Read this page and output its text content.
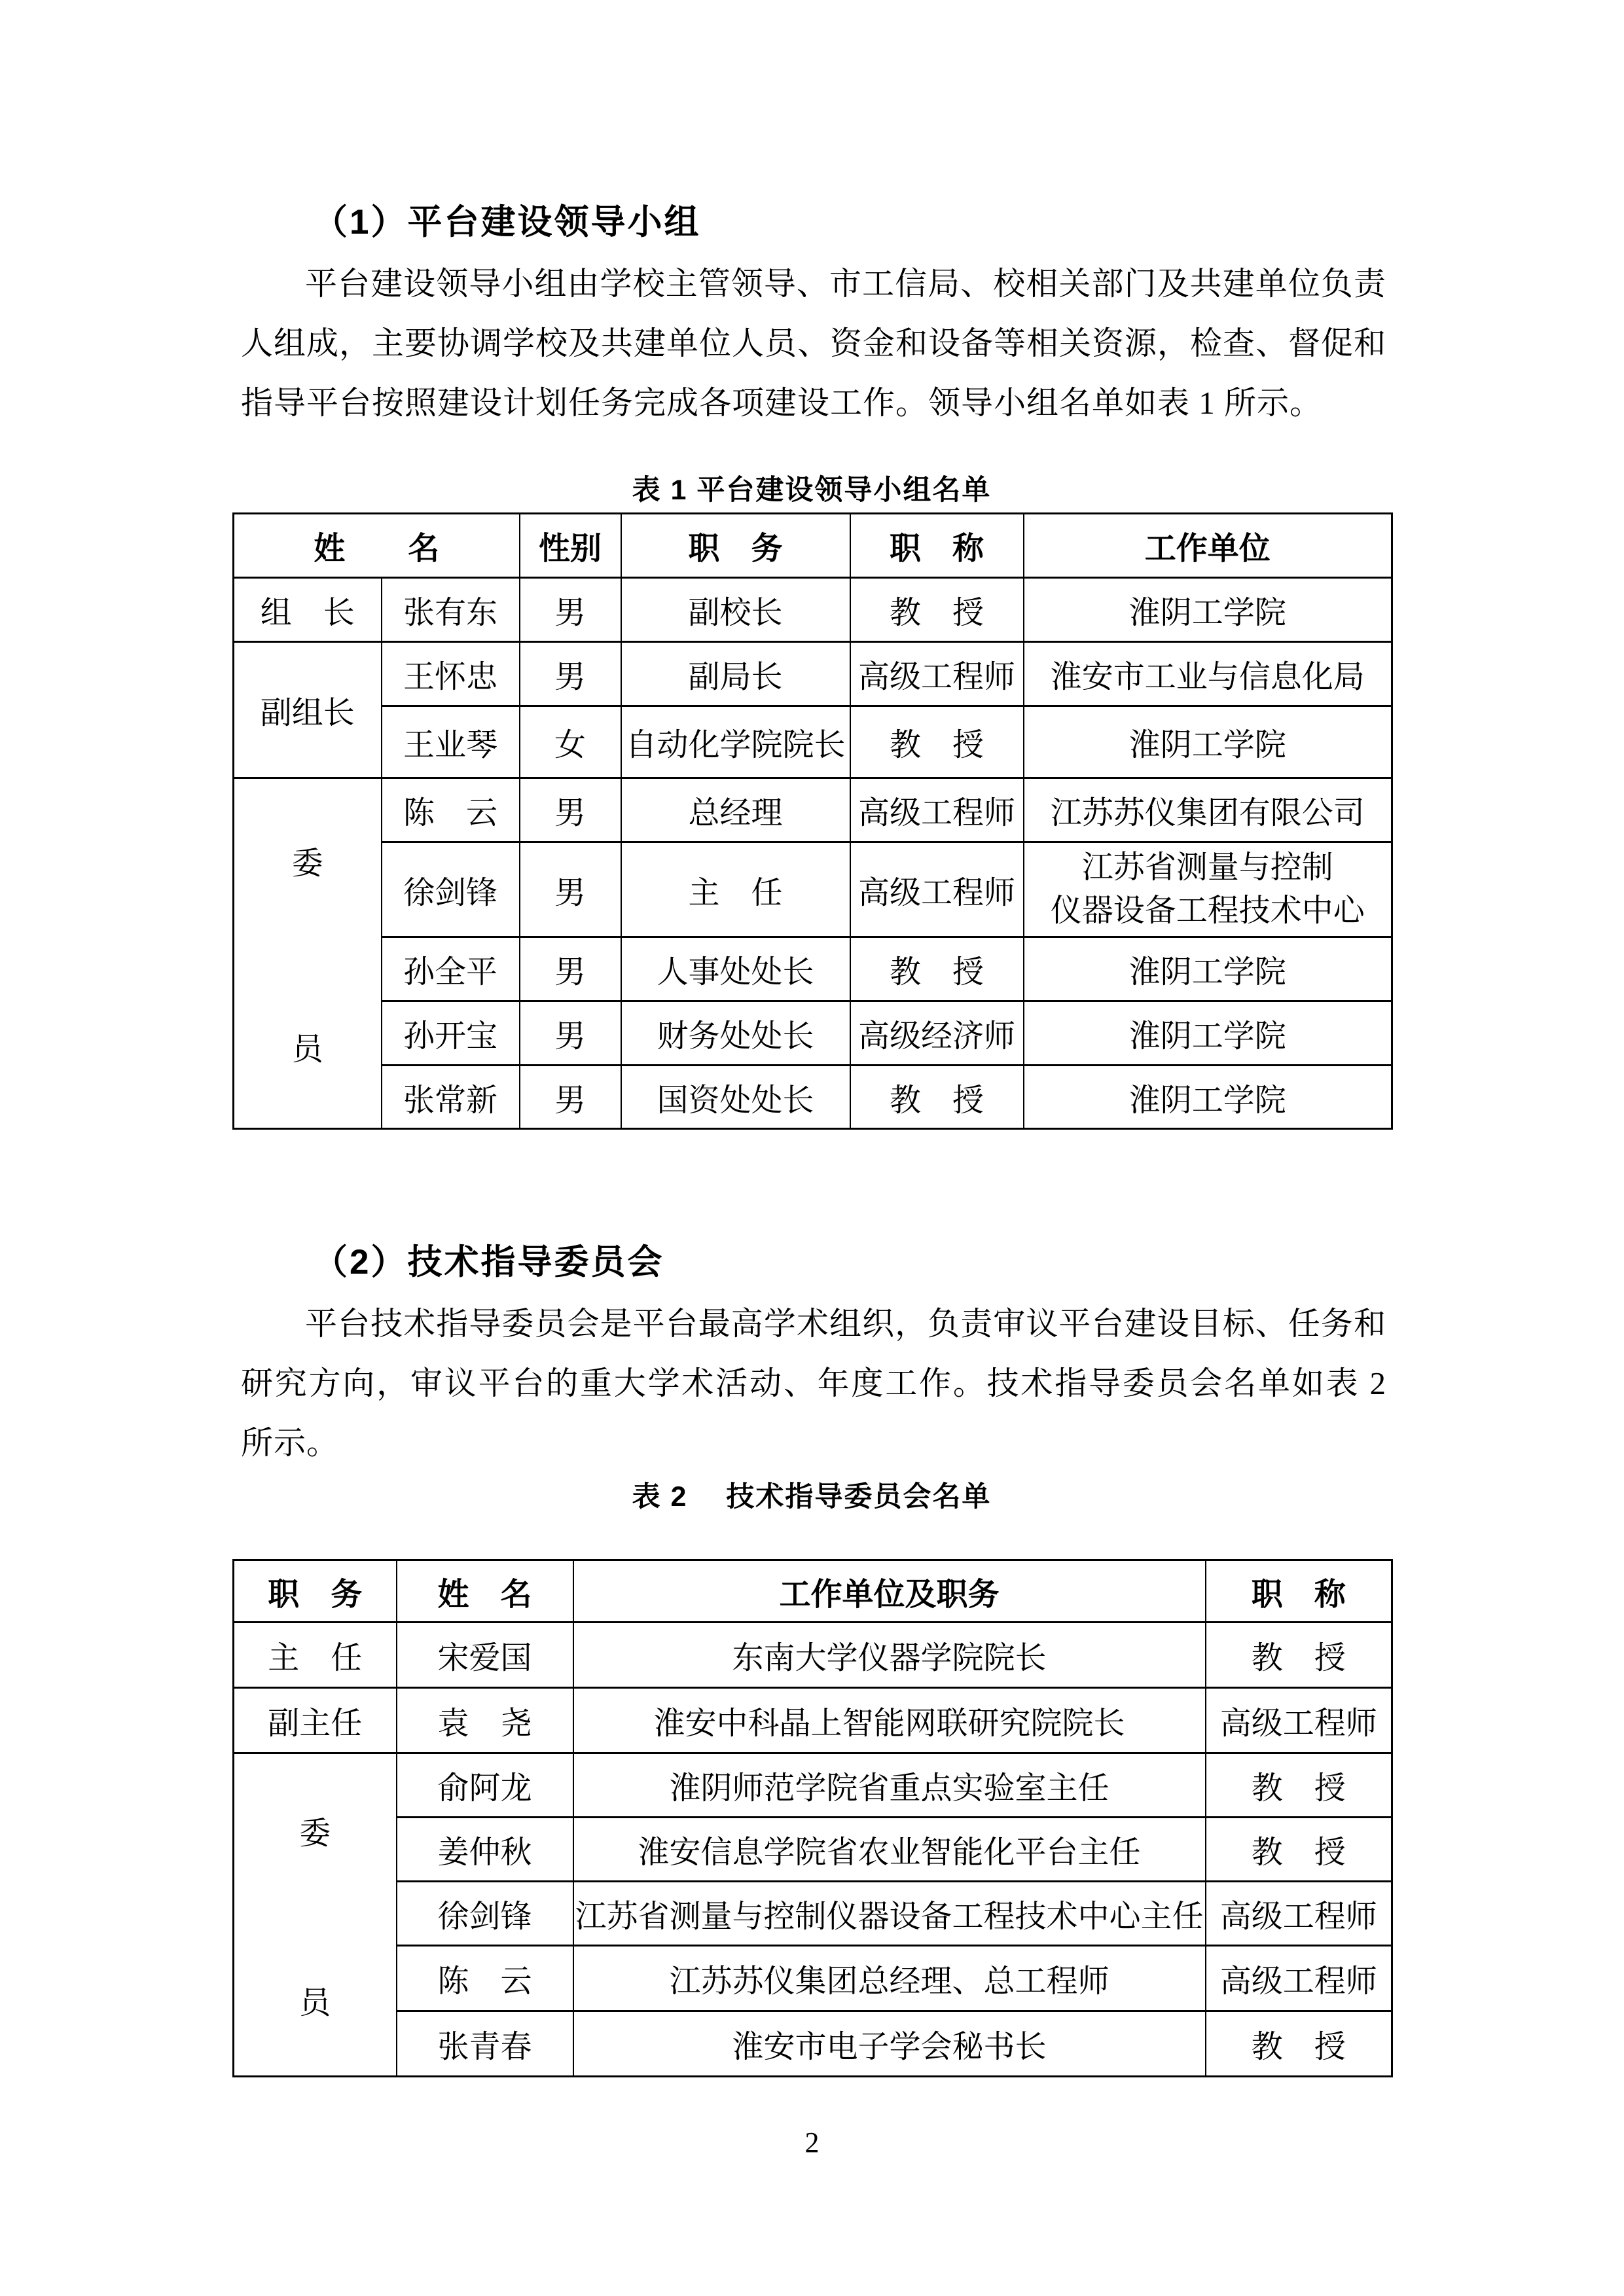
（1）平台建设领导小组
平台建设领导小组由学校主管领导、市工信局、校相关部门及共建单位负责
人组成，主要协调学校及共建单位人员、资金和设备等相关资源，检查、督促和
指导平台按照建设计划任务完成各项建设工作。领导小组名单如表 1 所示。
表 1 平台建设领导小组名单
姓　　名		性别	职　务	职　称	工作单位
组　长	张有东	男	副校长	教　授	淮阴工学院
副组长	王怀忠	男	副局长	高级工程师	淮安市工业与信息化局
	王业琴	女	自动化学院院长	教　授	淮阴工学院

委
员	陈　云	男	总经理	高级工程师	江苏苏仪集团有限公司
	徐剑锋	男	主　任	高级工程师	江苏省测量与控制
仪器设备工程技术中心

	孙全平	男	人事处处长	教　授	淮阴工学院
	孙开宝	男	财务处处长	高级经济师	淮阴工学院
	张常新	男	国资处处长	教　授	淮阴工学院
（2）技术指导委员会
平台技术指导委员会是平台最高学术组织，负责审议平台建设目标、任务和
研究方向，审议平台的重大学术活动、年度工作。技术指导委员会名单如表 2
所示。
表 2　 技术指导委员会名单
职　务	姓　名	工作单位及职务	职　称
主　任	宋爱国	东南大学仪器学院院长	教　授
副主任	袁　尧	淮安中科晶上智能网联研究院院长	高级工程师

委
员	俞阿龙	淮阴师范学院省重点实验室主任	教　授
	姜仲秋	淮安信息学院省农业智能化平台主任	教　授
	徐剑锋	江苏省测量与控制仪器设备工程技术中心主任	高级工程师
	陈　云	江苏苏仪集团总经理、总工程师	高级工程师
	张青春	淮安市电子学会秘书长	教　授
2
